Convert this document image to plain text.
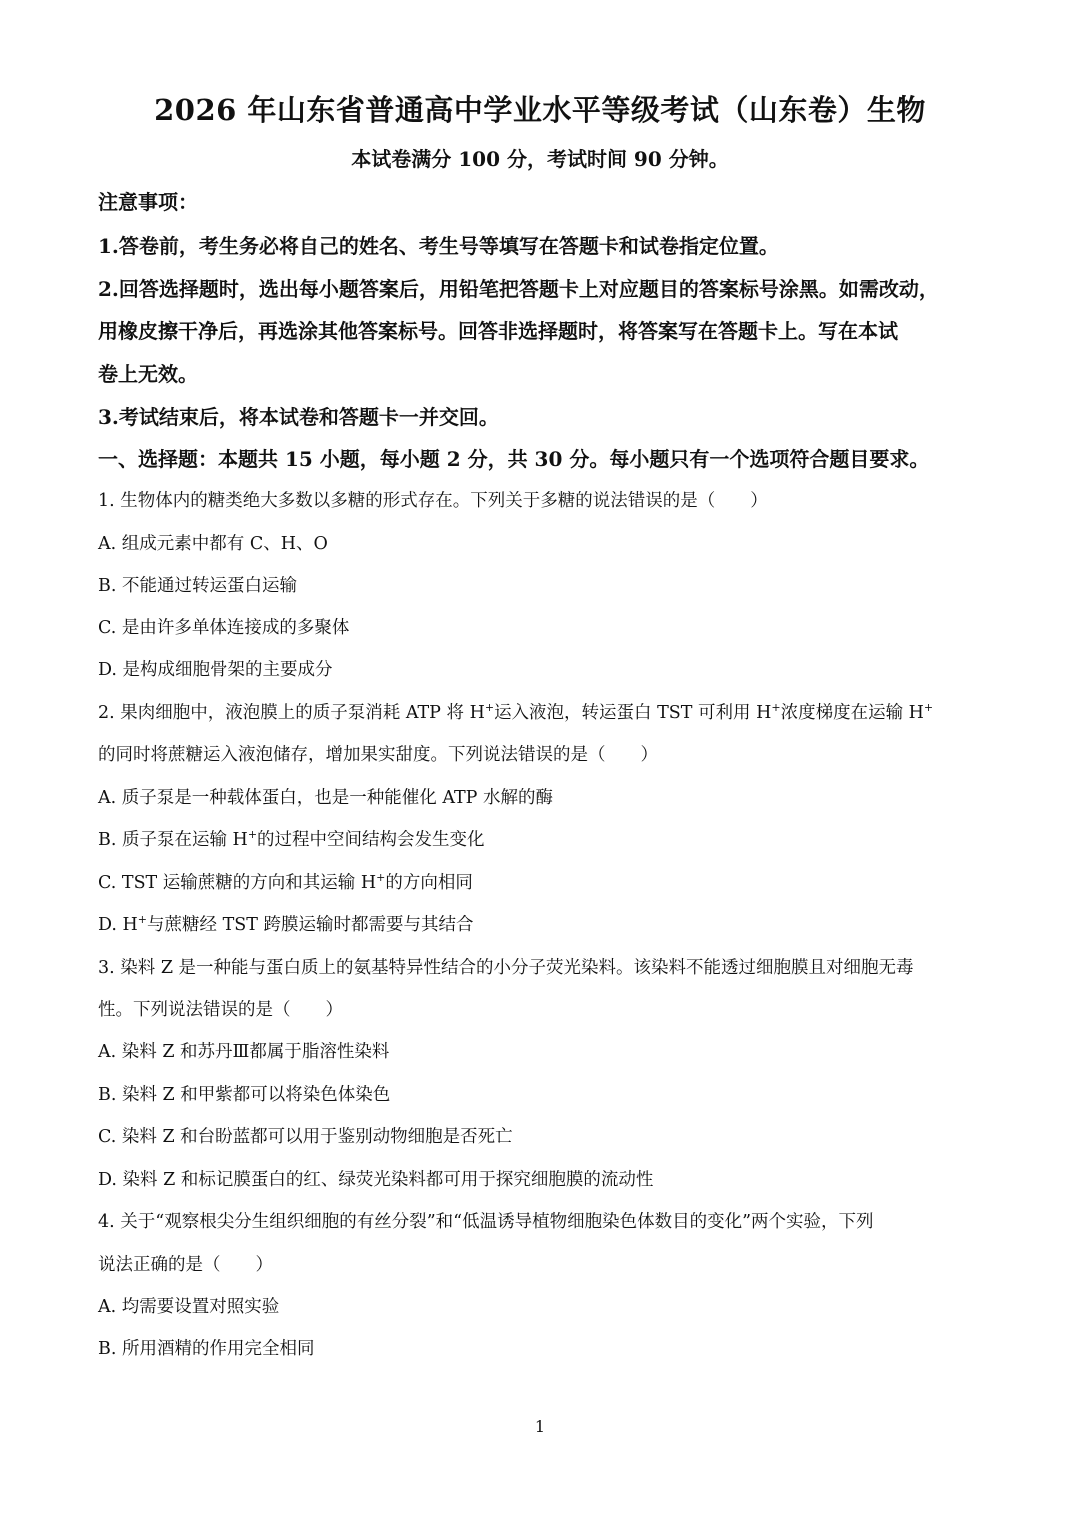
2026 年山东省普通高中学业水平等级考试（山东卷）生物
本试卷满分 100 分，考试时间 90 分钟。
注意事项：
1.答卷前，考生务必将自己的姓名、考生号等填写在答题卡和试卷指定位置。
2.回答选择题时，选出每小题答案后，用铅笔把答题卡上对应题目的答案标号涂黑。如需改动，
用橡皮擦干净后，再选涂其他答案标号。回答非选择题时，将答案写在答题卡上。写在本试
卷上无效。
3.考试结束后，将本试卷和答题卡一并交回。
一、选择题：本题共 15 小题，每小题 2 分，共 30 分。每小题只有一个选项符合题目要求。
1. 生物体内的糖类绝大多数以多糖的形式存在。下列关于多糖的说法错误的是（　　）
A. 组成元素中都有 C、H、O
B. 不能通过转运蛋白运输
C. 是由许多单体连接成的多聚体
D. 是构成细胞骨架的主要成分
2. 果肉细胞中，液泡膜上的质子泵消耗 ATP 将 H+运入液泡，转运蛋白 TST 可利用 H+浓度梯度在运输 H+
的同时将蔗糖运入液泡储存，增加果实甜度。下列说法错误的是（　　）
A. 质子泵是一种载体蛋白，也是一种能催化 ATP 水解的酶
B. 质子泵在运输 H+的过程中空间结构会发生变化
C. TST 运输蔗糖的方向和其运输 H+的方向相同
D. H+与蔗糖经 TST 跨膜运输时都需要与其结合
3. 染料 Z 是一种能与蛋白质上的氨基特异性结合的小分子荧光染料。该染料不能透过细胞膜且对细胞无毒
性。下列说法错误的是（　　）
A. 染料 Z 和苏丹Ⅲ都属于脂溶性染料
B. 染料 Z 和甲紫都可以将染色体染色
C. 染料 Z 和台盼蓝都可以用于鉴别动物细胞是否死亡
D. 染料 Z 和标记膜蛋白的红、绿荧光染料都可用于探究细胞膜的流动性
4. 关于“观察根尖分生组织细胞的有丝分裂”和“低温诱导植物细胞染色体数目的变化”两个实验，下列
说法正确的是（　　）
A. 均需要设置对照实验
B. 所用酒精的作用完全相同
1
